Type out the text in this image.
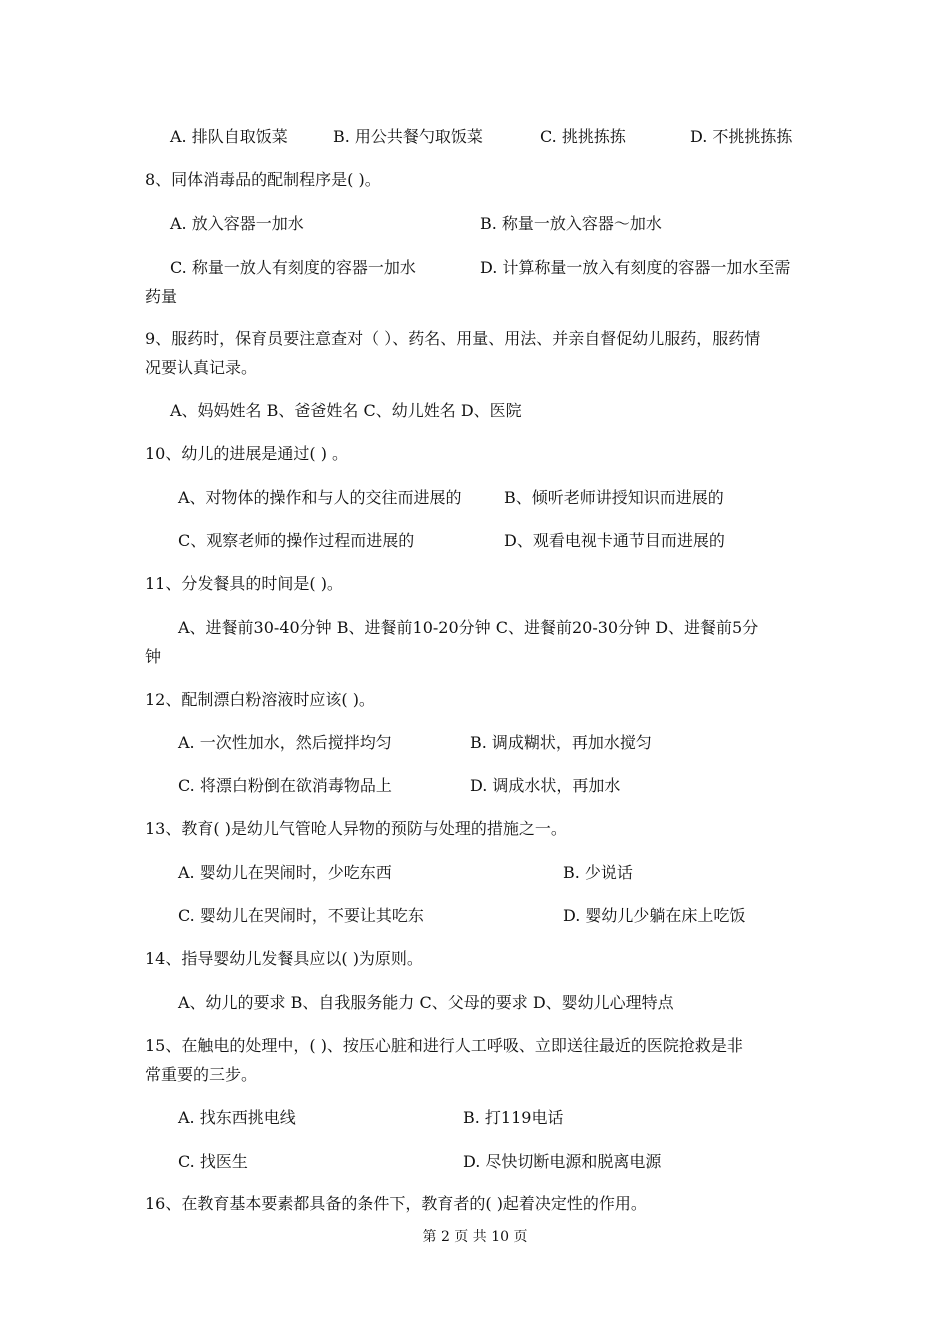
A. 排队自取饭菜	B. 用公共餐勺取饭菜	C. 挑挑拣拣	D. 不挑挑拣拣
8、同体消毒品的配制程序是( )。
A. 放入容器一加水	B. 称量一放入容器～加水
C. 称量一放人有刻度的容器一加水	D. 计算称量一放入有刻度的容器一加水至需
药量
9、服药时，保育员要注意查对（ ）、药名、用量、用法、并亲自督促幼儿服药，服药情
况要认真记录。
A、妈妈姓名 B、爸爸姓名 C、幼儿姓名 D、医院
10、幼儿的进展是通过( ) 。
A、对物体的操作和与人的交往而进展的	B、倾听老师讲授知识而进展的
C、观察老师的操作过程而进展的	D、观看电视卡通节目而进展的
11、分发餐具的时间是( )。
A、进餐前30-40分钟 B、进餐前10-20分钟 C、进餐前20-30分钟 D、进餐前5分
钟
12、配制漂白粉溶液时应该( )。
A. 一次性加水，然后搅拌均匀	B. 调成糊状，再加水搅匀
C. 将漂白粉倒在欲消毒物品上	D. 调成水状，再加水
13、教育( )是幼儿气管呛人异物的预防与处理的措施之一。
A. 婴幼儿在哭闹时，少吃东西	B. 少说话
C. 婴幼儿在哭闹时，不要让其吃东	D. 婴幼儿少躺在床上吃饭
14、指导婴幼儿发餐具应以( )为原则。
A、幼儿的要求 B、自我服务能力 C、父母的要求 D、婴幼儿心理特点
15、在触电的处理中，( )、按压心脏和进行人工呼吸、立即送往最近的医院抢救是非
常重要的三步。
A. 找东西挑电线	B. 打119电话
C. 找医生	D. 尽快切断电源和脱离电源
16、在教育基本要素都具备的条件下，教育者的( )起着决定性的作用。
第 2 页 共 10 页
